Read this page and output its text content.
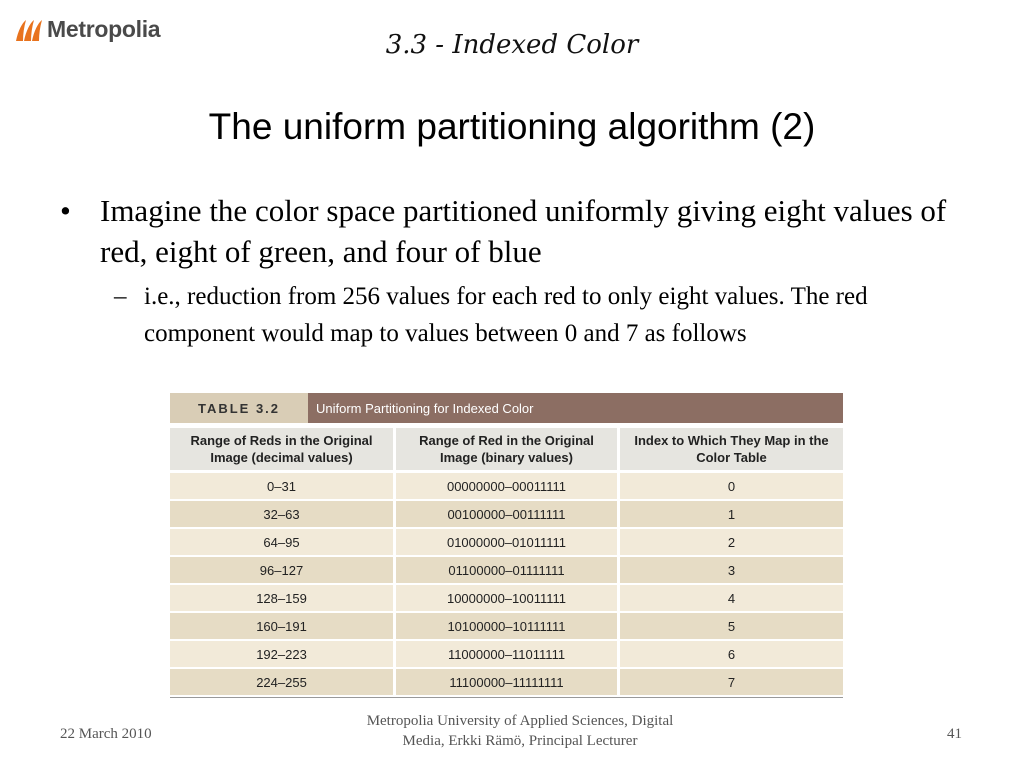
Metropolia
3.3 - Indexed Color
The uniform partitioning algorithm (2)
• Imagine the color space partitioned uniformly giving eight values of red, eight of green, and four of blue
– i.e., reduction from 256 values for each red to only eight values. The red component would map to values between 0 and 7 as follows
TABLE 3.2	Uniform Partitioning for Indexed Color
Range of Reds in the Original Image (decimal values)	Range of Red in the Original Image (binary values)	Index to Which They Map in the Color Table
0–31	00000000–00011111	0
32–63	00100000–00111111	1
64–95	01000000–01011111	2
96–127	01100000–01111111	3
128–159	10000000–10011111	4
160–191	10100000–10111111	5
192–223	11000000–11011111	6
224–255	11100000–11111111	7
22 March 2010
Metropolia University of Applied Sciences, Digital
Media, Erkki Rämö, Principal Lecturer	41
